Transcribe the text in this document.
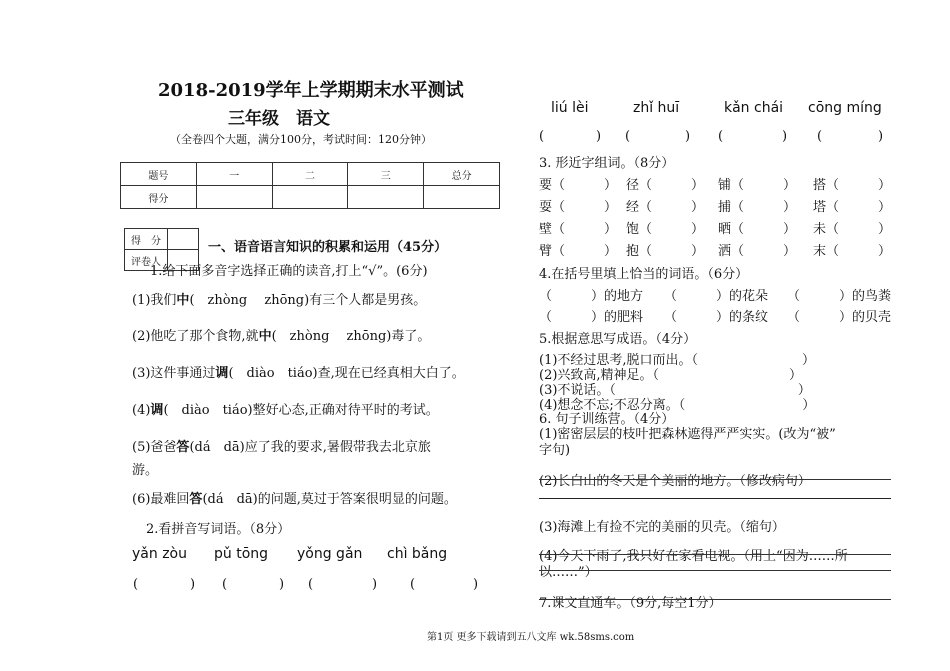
2018-2019学年上学期期末水平测试
三年级　语文
（全卷四个大题，满分100分，考试时间：120分钟）
题号	一	二	三	总分
得分				
得　分	
评卷人	
一、语音语言知识的积累和运用（45分）
1.给下面多音字选择正确的读音,打上“√”。(6分)
(1)我们中(　zhòng　 zhōng)有三个人都是男孩。
(2)他吃了那个食物,就中(　zhòng　 zhōng)毒了。
(3)这件事通过调(　diào　tiáo)查,现在已经真相大白了。
(4)调(　diào　tiáo)整好心态,正确对待平时的考试。
(5)爸爸答(dá　dā)应了我的要求,暑假带我去北京旅
游。
(6)最难回答(dá　dā)的问题,莫过于答案很明显的问题。
2.看拼音写词语。（8分）
yǎn zòu pǔ tōng yǒng gǎn chì bǎng
(	) (	) (	)	(	)
liú lèi	zhǐ huī	kǎn chái cōng míng
(	) (	) (	) (	)
3. 形近字组词。（8分）
要（　　　） 径（　　　） 铺（　　　） 搭（　　　）
耍（　　　） 经（　　　） 捕（　　　） 塔（　　　）
壁（　　　） 饱（　　　） 晒（　　　） 未（　　　）
臂（　　　） 抱（　　　） 洒（　　　） 末（　　　）
4.在括号里填上恰当的词语。（6分）
（　　　）的地方 （　　　）的花朵 （　　　）的鸟粪
（　　　）的肥料 （　　　）的条纹 （　　　）的贝壳
5.根据意思写成语。（4分）
(1)不经过思考,脱口而出。（　　　　　　　　）
(2)兴致高,精神足。（　　　　　　　　　　）
(3)不说话。（　　　　　　　　　　　　　　）
(4)想念不忘;不忍分离。（　　　　　　　　　）
6. 句子训练营。（4分）
(1)密密层层的枝叶把森林遮得严严实实。(改为“被”
字句)
(2)长白山的冬天是个美丽的地方。（修改病句）
(3)海滩上有捡不完的美丽的贝壳。（缩句）
(4)今天下雨了,我只好在家看电视。（用上“因为……所
以……”）
7.课文直通车。（9分,每空1分）
第1页 更多下载请到五八文库 wk.58sms.com
